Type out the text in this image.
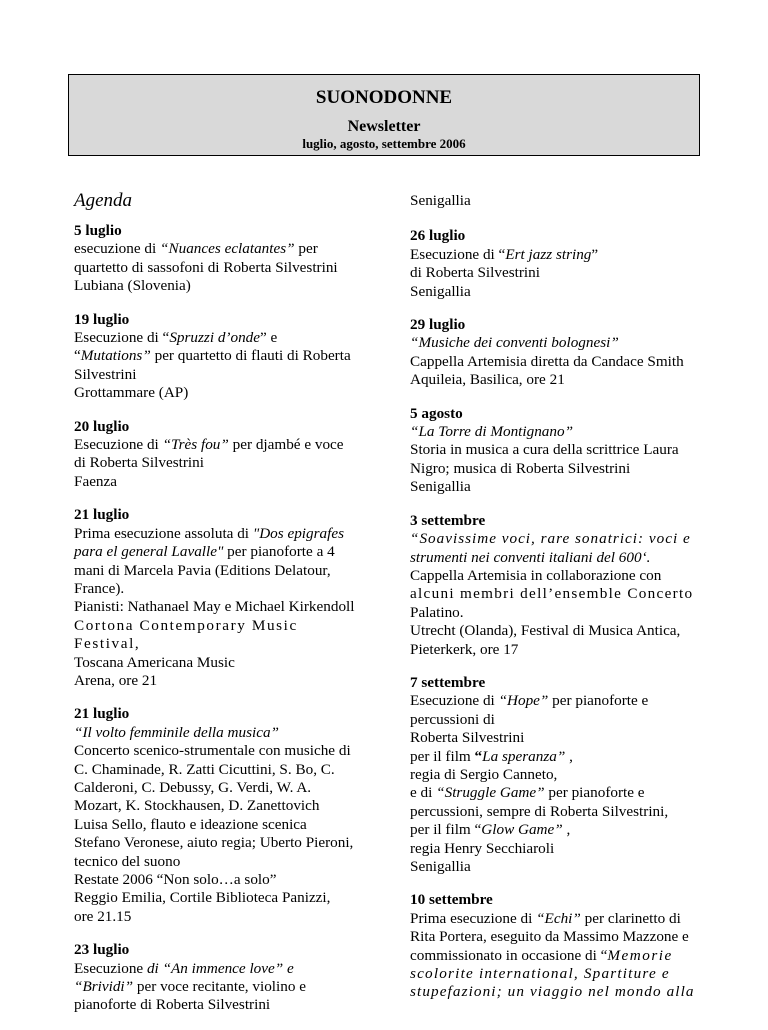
SUONODONNE
Newsletter
luglio, agosto, settembre 2006
Agenda
5 luglio
esecuzione di “Nuances eclatantes” per
quartetto di sassofoni di Roberta Silvestrini
Lubiana (Slovenia)
19 luglio
Esecuzione di “Spruzzi d’onde” e
“Mutations” per quartetto di flauti di Roberta
Silvestrini
Grottammare (AP)
20 luglio
Esecuzione di “Très fou” per djambé e voce
di Roberta Silvestrini
Faenza
21 luglio
Prima esecuzione assoluta di "Dos epigrafes
para el general Lavalle" per pianoforte a 4
mani di Marcela Pavia (Editions Delatour,
France).
Pianisti: Nathanael May e Michael Kirkendoll
Cortona Contemporary Music Festival,
Toscana Americana Music
Arena, ore 21
21 luglio
“Il volto femminile della musica”
Concerto scenico-strumentale con musiche di
C. Chaminade, R. Zatti Cicuttini, S. Bo, C.
Calderoni, C. Debussy, G. Verdi, W. A.
Mozart, K. Stockhausen, D. Zanettovich
Luisa Sello, flauto e ideazione scenica
Stefano Veronese, aiuto regia; Uberto Pieroni,
tecnico del suono
Restate 2006 “Non solo…a solo”
Reggio Emilia, Cortile Biblioteca Panizzi,
ore 21.15
23 luglio
Esecuzione di “An immence love” e
“Brividi” per voce recitante, violino e
pianoforte di Roberta Silvestrini
Senigallia
26 luglio
Esecuzione di “Ert jazz string”
di Roberta Silvestrini
Senigallia
29 luglio
“Musiche dei conventi bolognesi”
Cappella Artemisia diretta da Candace Smith
Aquileia, Basilica, ore 21
5 agosto
“La Torre di Montignano”
Storia in musica a cura della scrittrice Laura
Nigro; musica di Roberta Silvestrini
Senigallia
3 settembre
“Soavissime voci, rare sonatrici: voci e
strumenti nei conventi italiani del 600‘.
Cappella Artemisia in collaborazione con
alcuni membri dell’ensemble Concerto
Palatino.
Utrecht (Olanda), Festival di Musica Antica,
Pieterkerk, ore 17
7 settembre
Esecuzione di “Hope” per pianoforte e
percussioni di
Roberta Silvestrini
per il film “La speranza” ,
regia di Sergio Canneto,
e di “Struggle Game” per pianoforte e
percussioni, sempre di Roberta Silvestrini,
per il film “Glow Game” ,
regia Henry Secchiaroli
Senigallia
10 settembre
Prima esecuzione di “Echi” per clarinetto di
Rita Portera, eseguito da Massimo Mazzone e
commissionato in occasione di “Memorie
scolorite international, Spartiture e
stupefazioni; un viaggio nel mondo alla
